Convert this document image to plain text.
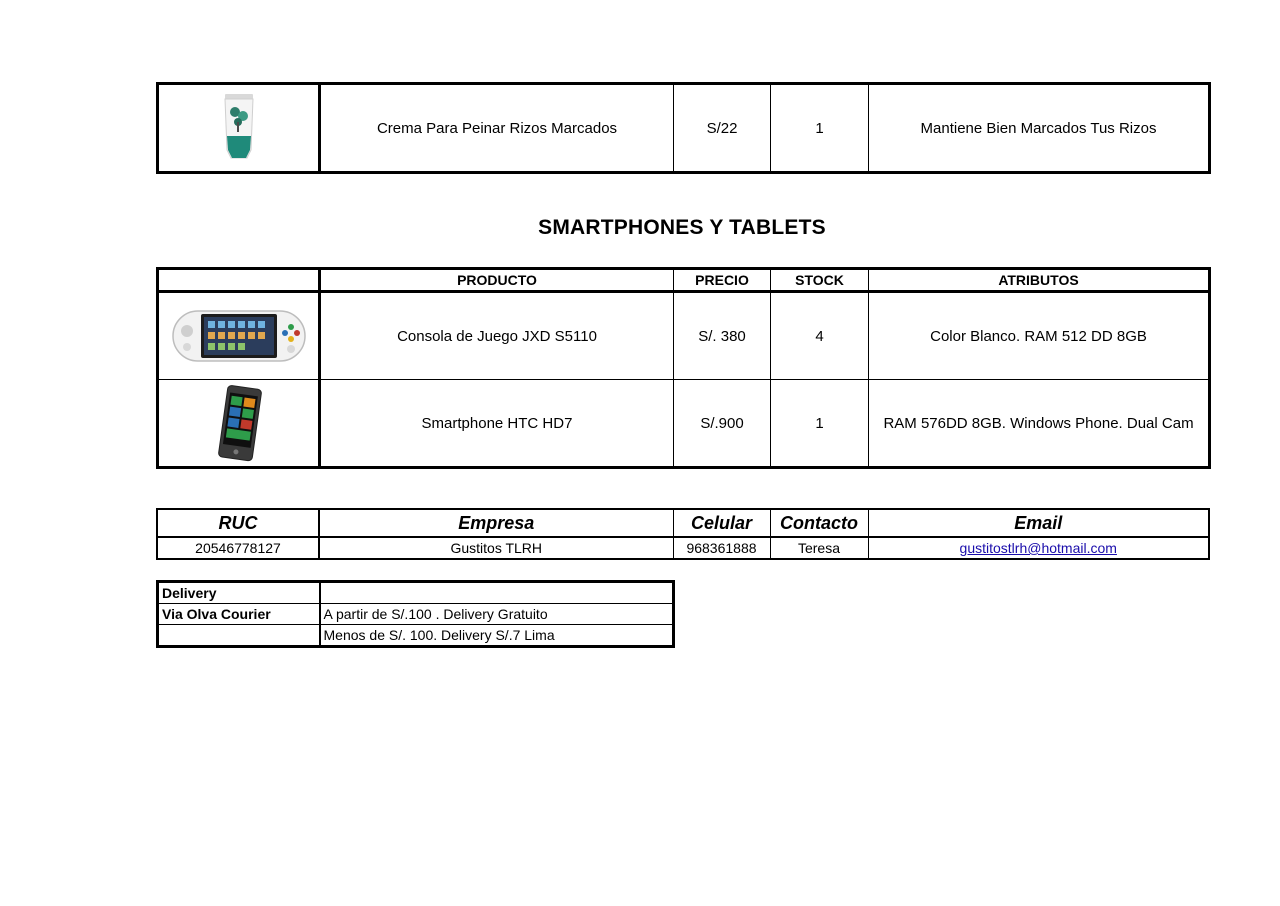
	Crema Para Peinar Rizos Marcados	S/22	1	Mantiene Bien Marcados Tus Rizos
SMARTPHONES Y TABLETS
	PRODUCTO	PRECIO	STOCK	ATRIBUTOS
	Consola de Juego JXD S5110	S/. 380	4	Color Blanco. RAM 512 DD 8GB
	Smartphone HTC HD7	S/.900	1	RAM 576DD 8GB. Windows Phone. Dual Cam
RUC	Empresa	Celular	Contacto	Email
20546778127	Gustitos TLRH	968361888	Teresa	gustitostlrh@hotmail.com
Delivery	
Via Olva Courier	A partir de S/.100 . Delivery Gratuito
	Menos de S/. 100. Delivery S/.7 Lima
